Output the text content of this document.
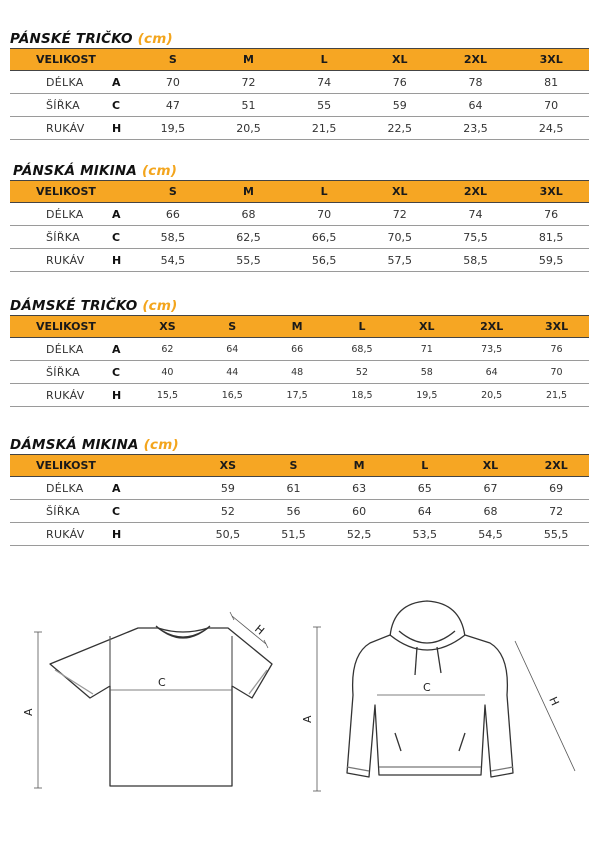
PÁNSKÉ TRIČKO (cm)
VELIKOST		S	M	L	XL	2XL	3XL
DÉLKA	A	70	72	74	76	78	81
ŠÍŘKA	C	47	51	55	59	64	70
RUKÁV	H	19,5	20,5	21,5	22,5	23,5	24,5
PÁNSKÁ MIKINA (cm)
VELIKOST		S	M	L	XL	2XL	3XL
DÉLKA	A	66	68	70	72	74	76
ŠÍŘKA	C	58,5	62,5	66,5	70,5	75,5	81,5
RUKÁV	H	54,5	55,5	56,5	57,5	58,5	59,5
DÁMSKÉ TRIČKO (cm)
VELIKOST		XS	S	M	L	XL	2XL	3XL
DÉLKA	A	62	64	66	68,5	71	73,5	76
ŠÍŘKA	C	40	44	48	52	58	64	70
RUKÁV	H	15,5	16,5	17,5	18,5	19,5	20,5	21,5
DÁMSKÁ MIKINA (cm)
VELIKOST		XS	S	M	L	XL	2XL
DÉLKA	A	59	61	63	65	67	69
ŠÍŘKA	C	52	56	60	64	68	72
RUKÁV	H	50,5	51,5	52,5	53,5	54,5	55,5
A
C
H
A
C
H
